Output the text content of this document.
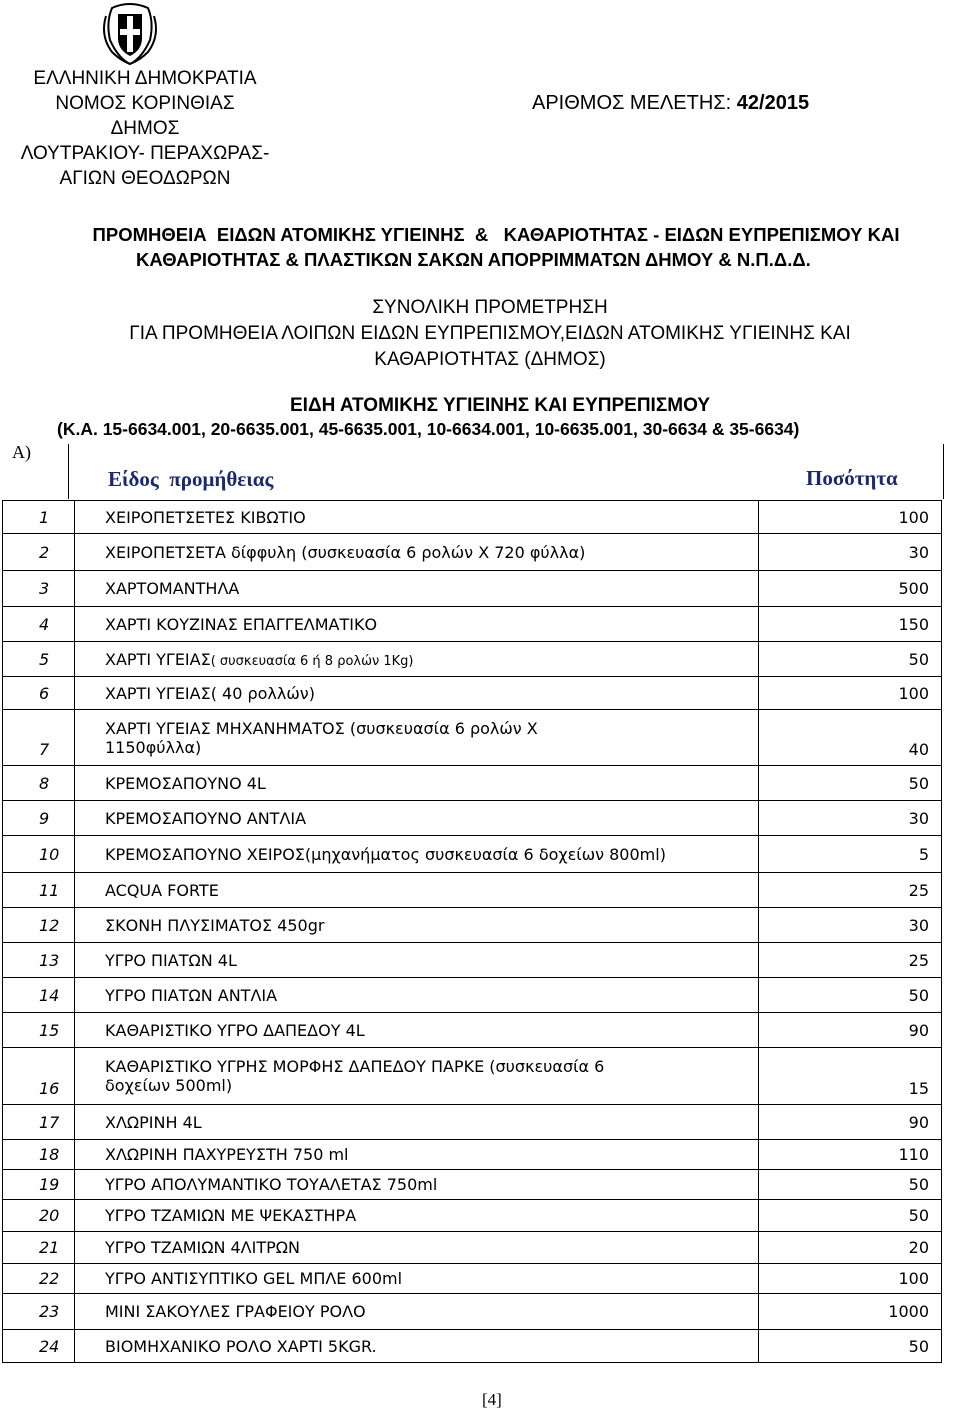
ΕΛΛΗΝΙΚΗ ΔΗΜΟΚΡΑΤΙΑ
ΝΟΜΟΣ ΚΟΡΙΝΘΙΑΣ
ΔΗΜΟΣ
ΛΟΥΤΡΑΚΙΟΥ- ΠΕΡΑΧΩΡΑΣ-
ΑΓΙΩΝ ΘΕΟΔΩΡΩΝ
ΑΡΙΘΜΟΣ ΜΕΛΕΤΗΣ: 42/2015
ΠΡΟΜΗΘΕΙΑ  ΕΙΔΩΝ ΑΤΟΜΙΚΗΣ ΥΓΙΕΙΝΗΣ  &   ΚΑΘΑΡΙΟΤΗΤΑΣ - ΕΙΔΩΝ ΕΥΠΡΕΠΙΣΜΟΥ ΚΑΙ
ΚΑΘΑΡΙΟΤΗΤΑΣ & ΠΛΑΣΤΙΚΩΝ ΣΑΚΩΝ ΑΠΟΡΡΙΜΜΑΤΩΝ ΔΗΜΟΥ & Ν.Π.Δ.Δ.
ΣΥΝΟΛΙΚΗ ΠΡΟΜΕΤΡΗΣΗ
ΓΙΑ ΠΡΟΜΗΘΕΙΑ ΛΟΙΠΩΝ ΕΙΔΩΝ ΕΥΠΡΕΠΙΣΜΟΥ,ΕΙΔΩΝ ΑΤΟΜΙΚΗΣ ΥΓΙΕΙΝΗΣ ΚΑΙ
ΚΑΘΑΡΙΟΤΗΤΑΣ (ΔΗΜΟΣ)
ΕΙΔΗ ΑΤΟΜΙΚΗΣ ΥΓΙΕΙΝΗΣ ΚΑΙ ΕΥΠΡΕΠΙΣΜΟΥ
(Κ.Α. 15-6634.001, 20-6635.001, 45-6635.001, 10-6634.001, 10-6635.001, 30-6634 & 35-6634)
Α)
Είδος  προμήθειας	Ποσότητα
1	ΧΕΙΡΟΠΕΤΣΕΤΕΣ ΚΙΒΩΤΙΟ	100
2	ΧΕΙΡΟΠΕΤΣΕΤΑ δίφφυλη (συσκευασία 6 ρολών Χ 720 φύλλα)	30
3	ΧΑΡΤΟΜΑΝΤΗΛΑ	500
4	ΧΑΡΤΙ ΚΟΥΖΙΝΑΣ ΕΠΑΓΓΕΛΜΑΤΙΚΟ	150
5	ΧΑΡΤΙ ΥΓΕΙΑΣ( συσκευασία 6 ή 8 ρολών 1Kg)	50
6	ΧΑΡΤΙ ΥΓΕΙΑΣ( 40 ρολλών)	100
7	ΧΑΡΤΙ ΥΓΕΙΑΣ ΜΗΧΑΝΗΜΑΤΟΣ (συσκευασία 6 ρολών Χ
1150φύλλα)	40
8	ΚΡΕΜΟΣΑΠΟΥΝΟ 4L	50
9	ΚΡΕΜΟΣΑΠΟΥΝΟ ΑΝΤΛΙΑ	30
10	ΚΡΕΜΟΣΑΠΟΥΝΟ ΧΕΙΡΟΣ(μηχανήματος συσκευασία 6 δοχείων 800ml)	5
11	ACQUA FORTE	25
12	ΣΚΟΝΗ ΠΛΥΣΙΜΑΤΟΣ 450gr	30
13	ΥΓΡΟ ΠΙΑΤΩΝ 4L	25
14	ΥΓΡΟ ΠΙΑΤΩΝ ΑΝΤΛΙΑ	50
15	ΚΑΘΑΡΙΣΤΙΚΟ ΥΓΡΟ ΔΑΠΕΔΟΥ 4L	90
16	ΚΑΘΑΡΙΣΤΙΚΟ ΥΓΡΗΣ ΜΟΡΦΗΣ ΔΑΠΕΔΟΥ ΠΑΡΚΕ (συσκευασία 6
δοχείων 500ml)	15
17	ΧΛΩΡΙΝΗ 4L	90
18	ΧΛΩΡΙΝΗ ΠΑΧΥΡΕΥΣΤΗ 750 ml	110
19	ΥΓΡΟ ΑΠΟΛΥΜΑΝΤΙΚΟ ΤΟΥΑΛΕΤΑΣ 750ml	50
20	ΥΓΡΟ ΤΖΑΜΙΩΝ ΜΕ ΨΕΚΑΣΤΗΡΑ	50
21	ΥΓΡΟ ΤΖΑΜΙΩΝ 4ΛΙΤΡΩΝ	20
22	ΥΓΡΟ ΑΝΤΙΣΥΠΤΙΚΟ GEL ΜΠΛΕ 600ml	100
23	ΜΙΝΙ ΣΑΚΟΥΛΕΣ ΓΡΑΦΕΙΟΥ ΡΟΛΟ	1000
24	ΒΙΟΜΗΧΑΝΙΚΟ ΡΟΛΟ ΧΑΡΤΙ 5KGR.	50
[4]
